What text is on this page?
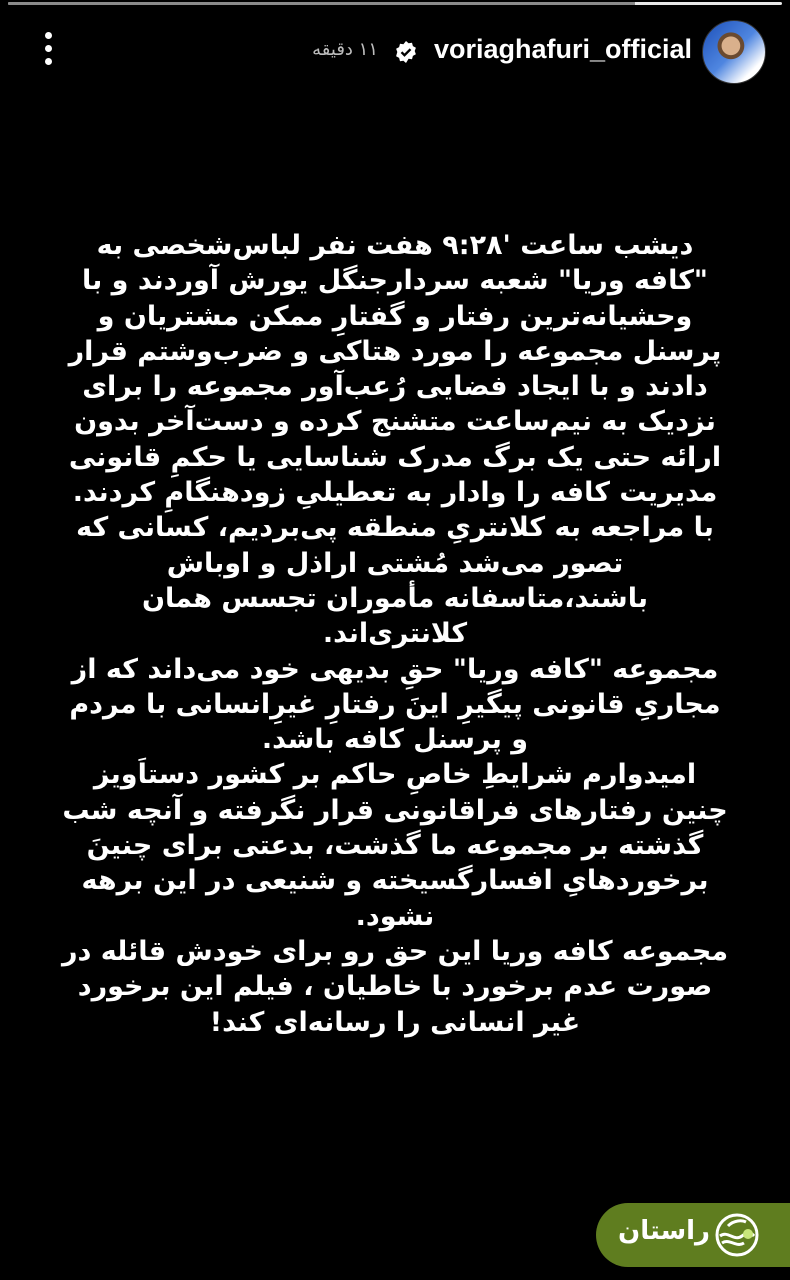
voriaghafuri_official
۱۱ دقیقه
دیشب ساعت '۹:۲۸ هفت نفر لباس‌شخصی به
"کافه وریا" شعبه سردارجنگل یورش آوردند و با
وحشیانه‌ترین رفتار و گفتارِ ممکن مشتریان و
پرسنل مجموعه را مورد هتاکی و ضرب‌وشتم قرار
دادند و با ایجاد فضایی رُعب‌آور مجموعه را برای
نزدیک به نیم‌ساعت متشنج کرده و دست‌آخر بدون
ارائه حتی یک برگ مدرک شناسایی یا حکمِ قانونی
مدیریت کافه را وادار به تعطیلیِ زودهنگامِ کردند.
با مراجعه به کلانتریِ منطقه پی‌بردیم، کسانی که
تصور می‌شد مُشتی اراذل و اوباش
باشند،متاسفانه مأموران تجسس همان
کلانتری‌اند.
مجموعه "کافه وریا" حقِ بدیهی خود می‌داند که از
مجاریِ قانونی پیگیرِ اینَ رفتارِ غیرِانسانی با مردم
و پرسنل کافه باشد.
امیدوارم شرایطِ خاصِ حاکم بر کشور دستاَویز
چنین رفتارهای فراقانونی قرار نگرفته و آنچه شب
گذشته بر مجموعه ما گذشت، بدعتی برای چنینَ
برخوردهایِ افسارگسیخته و شنیعی در این برهه
نشود.
مجموعه کافه وریا این حق رو برای خودش قائله در
صورت عدم برخورد با خاطیان ، فیلم این برخورد
غیر انسانی را رسانه‌ای کند!
راستان
